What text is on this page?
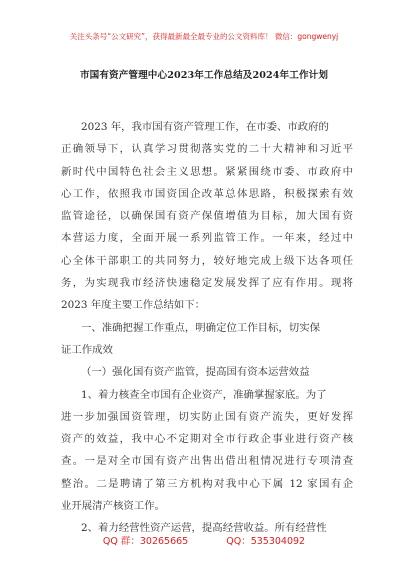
关注头条号“公文研究”，获得最新最全最专业的公文资料库！ 微信：gongwenyj
市国有资产管理中心2023年工作总结及2024年工作计划
2023 年，我市国有资产管理工作，在市委、市政府的
正确领导下，认真学习贯彻落实党的二十大精神和习近平
新时代中国特色社会主义思想。紧紧围绕市委、市政府中
心工作，依照我市国资国企改革总体思路，积极探索有效
监管途径，以确保国有资产保值增值为目标，加大国有资
本营运力度，全面开展一系列监管工作。一年来，经过中
心全体干部职工的共同努力，较好地完成上级下达各项任
务，为实现我市经济快速稳定发展发挥了应有作用。现将
2023 年度主要工作总结如下：
一、准确把握工作重点，明确定位工作目标，切实保
证工作成效
（一）强化国有资产监管，提高国有资本运营效益
1、着力核查全市国有企业资产，准确掌握家底。为了
进一步加强国资管理，切实防止国有资产流失，更好发挥
资产的效益，我中心不定期对全市行政企事业进行资产核
查。一是对全市国有资产出售出借出租情况进行专项清查
整治。二是聘请了第三方机构对我中心下属 12 家国有企
业开展清产核资工作。
2、着力经营性资产运营，提高经营收益。所有经营性
QQ 群：30265665	QQ：535304092
